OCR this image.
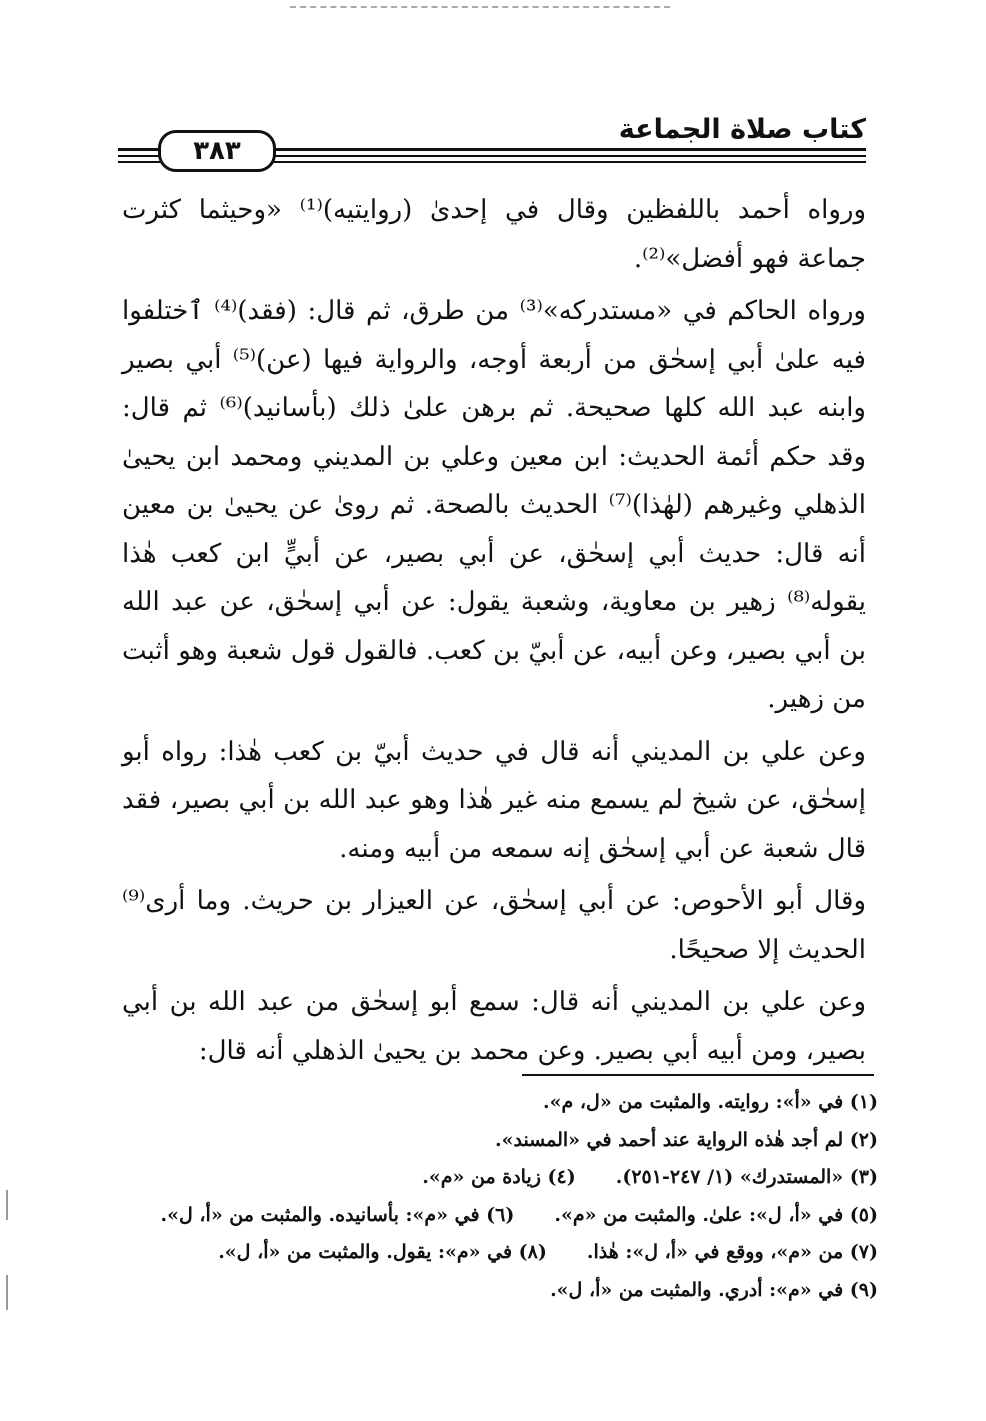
كتاب صلاة الجماعة
٣٨٣

ورواه أحمد باللفظين وقال في إحدىٰ (روايتيه)⁽¹⁾ «وحيثما كثرت جماعة فهو أفضل»⁽²⁾.

ورواه الحاكم في «مستدركه»⁽³⁾ من طرق، ثم قال: (فقد)⁽⁴⁾ ٱختلفوا فيه علىٰ أبي إسحٰق من أربعة أوجه، والرواية فيها (عن)⁽⁵⁾ أبي بصير وابنه عبد الله كلها صحيحة. ثم برهن علىٰ ذلك (بأسانيد)⁽⁶⁾ ثم قال: وقد حكم أئمة الحديث: ابن معين وعلي بن المديني ومحمد ابن يحيىٰ الذهلي وغيرهم (لهٰذا)⁽⁷⁾ الحديث بالصحة. ثم روىٰ عن يحيىٰ بن معين أنه قال: حديث أبي إسحٰق، عن أبي بصير، عن أبيٍّ ابن كعب هٰذا يقوله⁽⁸⁾ زهير بن معاوية، وشعبة يقول: عن أبي إسحٰق، عن عبد الله بن أبي بصير، وعن أبيه، عن أبيّ بن كعب. فالقول قول شعبة وهو أثبت من زهير.

وعن علي بن المديني أنه قال في حديث أبيّ بن كعب هٰذا: رواه أبو إسحٰق، عن شيخ لم يسمع منه غير هٰذا وهو عبد الله بن أبي بصير، فقد قال شعبة عن أبي إسحٰق إنه سمعه من أبيه ومنه.

وقال أبو الأحوص: عن أبي إسحٰق، عن العيزار بن حريث. وما أرى⁽⁹⁾ الحديث إلا صحيحًا.

وعن علي بن المديني أنه قال: سمع أبو إسحٰق من عبد الله بن أبي بصير، ومن أبيه أبي بصير. وعن محمد بن يحيىٰ الذهلي أنه قال:

(١) في «أ»: روايته. والمثبت من «ل، م».
(٢) لم أجد هٰذه الرواية عند أحمد في «المسند».
(٣) «المستدرك» (١/ ٢٤٧-٢٥١).(٤) زيادة من «م».
(٥) في «أ، ل»: علىٰ. والمثبت من «م».(٦) في «م»: بأسانيده. والمثبت من «أ، ل».
(٧) من «م»، ووقع في «أ، ل»: هٰذا.(٨) في «م»: يقول. والمثبت من «أ، ل».
(٩) في «م»: أدري. والمثبت من «أ، ل».
